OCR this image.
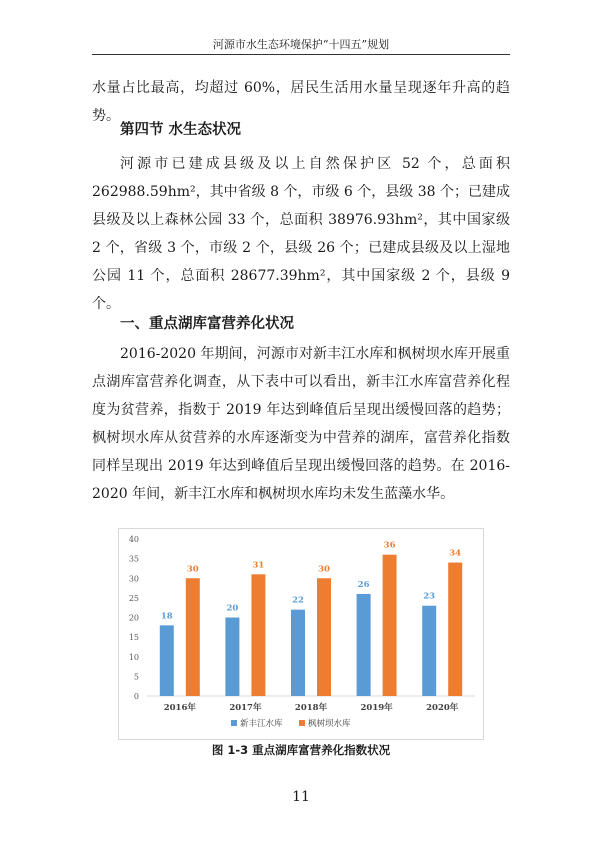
河源市水生态环境保护“十四五”规划

水量占比最高，均超过 60%，居民生活用水量呈现逐年升高的趋势。

第四节 水生态状况

河源市已建成县级及以上自然保护区 52 个，总面积 262988.59hm²，其中省级 8 个，市级 6 个，县级 38 个；已建成县级及以上森林公园 33 个，总面积 38976.93hm²，其中国家级 2 个，省级 3 个，市级 2 个，县级 26 个；已建成县级及以上湿地公园 11 个，总面积 28677.39hm²，其中国家级 2 个，县级 9 个。

一、重点湖库富营养化状况

2016-2020 年期间，河源市对新丰江水库和枫树坝水库开展重点湖库富营养化调查，从下表中可以看出，新丰江水库富营养化程度为贫营养，指数于 2019 年达到峰值后呈现出缓慢回落的趋势；枫树坝水库从贫营养的水库逐渐变为中营养的湖库，富营养化指数同样呈现出 2019 年达到峰值后呈现出缓慢回落的趋势。在 2016-2020 年间，新丰江水库和枫树坝水库均未发生蓝藻水华。

0
5
10
15
20
25
30
35
40
18
30
2016年
20
31
2017年
22
30
2018年
26
36
2019年
23
34
2020年
新丰江水库	枫树坝水库
图 1-3 重点湖库富营养化指数状况
11
